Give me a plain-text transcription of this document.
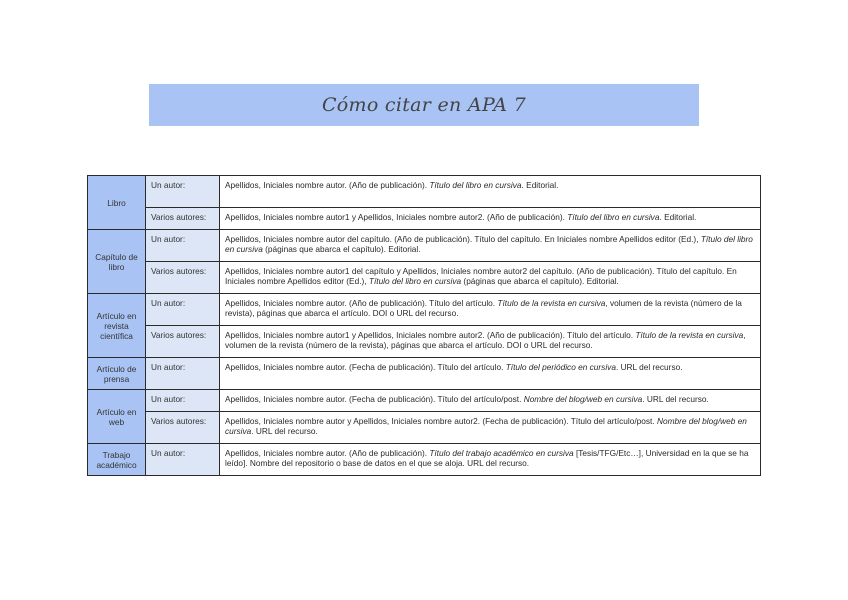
Cómo citar en APA 7
Libro	Un autor:	Apellidos, Iniciales nombre autor. (Año de publicación). Título del libro en cursiva. Editorial.
	Varios autores:	Apellidos, Iniciales nombre autor1 y Apellidos, Iniciales nombre autor2. (Año de publicación). Título del libro en cursiva. Editorial.
Capítulo de libro	Un autor:	Apellidos, Iniciales nombre autor del capítulo. (Año de publicación). Título del capítulo. En Iniciales nombre Apellidos editor (Ed.), Título del libro en cursiva (páginas que abarca el capítulo). Editorial.
	Varios autores:	Apellidos, Iniciales nombre autor1 del capítulo y Apellidos, Iniciales nombre autor2 del capítulo. (Año de publicación). Título del capítulo. En Iniciales nombre Apellidos editor (Ed.), Título del libro en cursiva (páginas que abarca el capítulo). Editorial.
Artículo en revista científica	Un autor:	Apellidos, Iniciales nombre autor. (Año de publicación). Título del artículo. Título de la revista en cursiva, volumen de la revista (número de la revista), páginas que abarca el artículo. DOI o URL del recurso.
	Varios autores:	Apellidos, Iniciales nombre autor1 y Apellidos, Iniciales nombre autor2. (Año de publicación). Título del artículo. Título de la revista en cursiva, volumen de la revista (número de la revista), páginas que abarca el artículo. DOI o URL del recurso.
Artículo de prensa	Un autor:	Apellidos, Iniciales nombre autor. (Fecha de publicación). Título del artículo. Título del periódico en cursiva. URL del recurso.
Artículo en web	Un autor:	Apellidos, Iniciales nombre autor. (Fecha de publicación). Título del artículo/post. Nombre del blog/web en cursiva. URL del recurso.
	Varios autores:	Apellidos, Iniciales nombre autor y Apellidos, Iniciales nombre autor2. (Fecha de publicación). Título del artículo/post. Nombre del blog/web en cursiva. URL del recurso.
Trabajo académico	Un autor:	Apellidos, Iniciales nombre autor. (Año de publicación). Título del trabajo académico en cursiva [Tesis/TFG/Etc…], Universidad en la que se ha leído]. Nombre del repositorio o base de datos en el que se aloja. URL del recurso.
